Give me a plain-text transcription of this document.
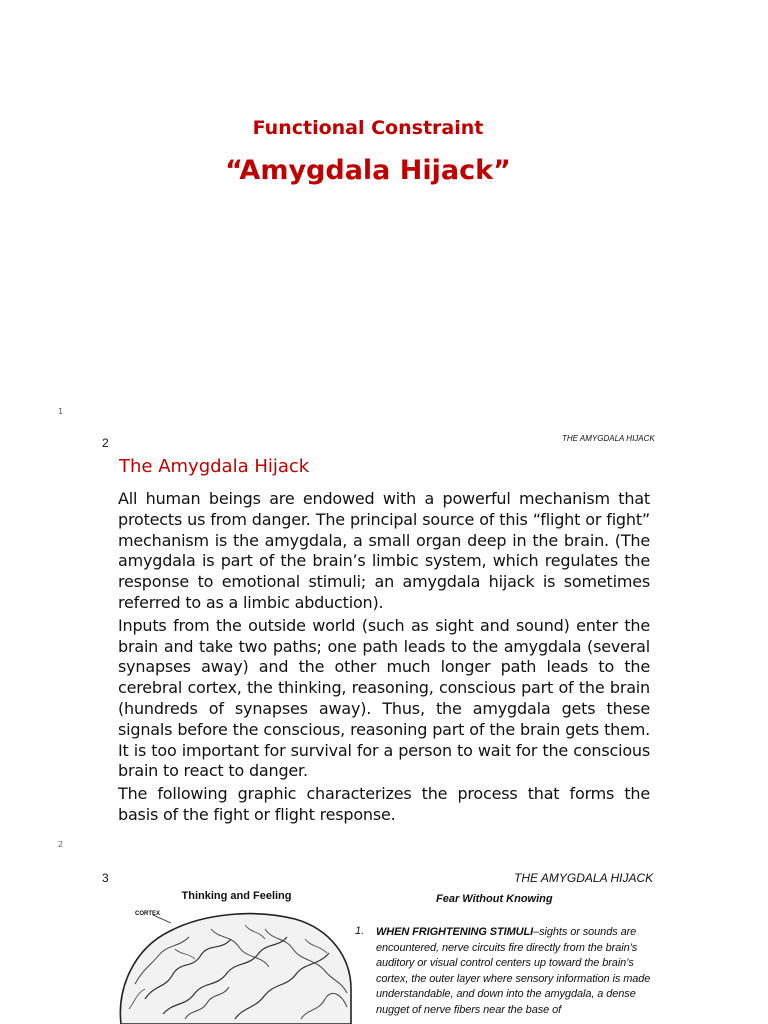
Functional Constraint
“Amygdala Hijack”
1
2	THE AMYGDALA HIJACK
The Amygdala Hijack

All human beings are endowed with a powerful mechanism that protects us from danger. The principal source of this “flight or fight” mechanism is the amygdala, a small organ deep in the brain. (The amygdala is part of the brain’s limbic system, which regulates the response to emotional stimuli; an amygdala hijack is sometimes referred to as a limbic abduction).

Inputs from the outside world (such as sight and sound) enter the brain and take two paths; one path leads to the amygdala (several synapses away) and the other much longer path leads to the cerebral cortex, the thinking, reasoning, conscious part of the brain (hundreds of synapses away). Thus, the amygdala gets these signals before the conscious, reasoning part of the brain gets them. It is too important for survival for a person to wait for the conscious brain to react to danger.

The following graphic characterizes the process that forms the basis of the fight or flight response.

2
3	THE AMYGDALA HIJACK
Thinking and Feeling
CORTEX
Fear Without Knowing
1. WHEN FRIGHTENING STIMULI–sights or sounds are encountered, nerve circuits fire directly from the brain’s auditory or visual control centers up toward the brain’s cortex, the outer layer where sensory information is made understandable, and down into the amygdala, a dense nugget of nerve fibers near the base of
